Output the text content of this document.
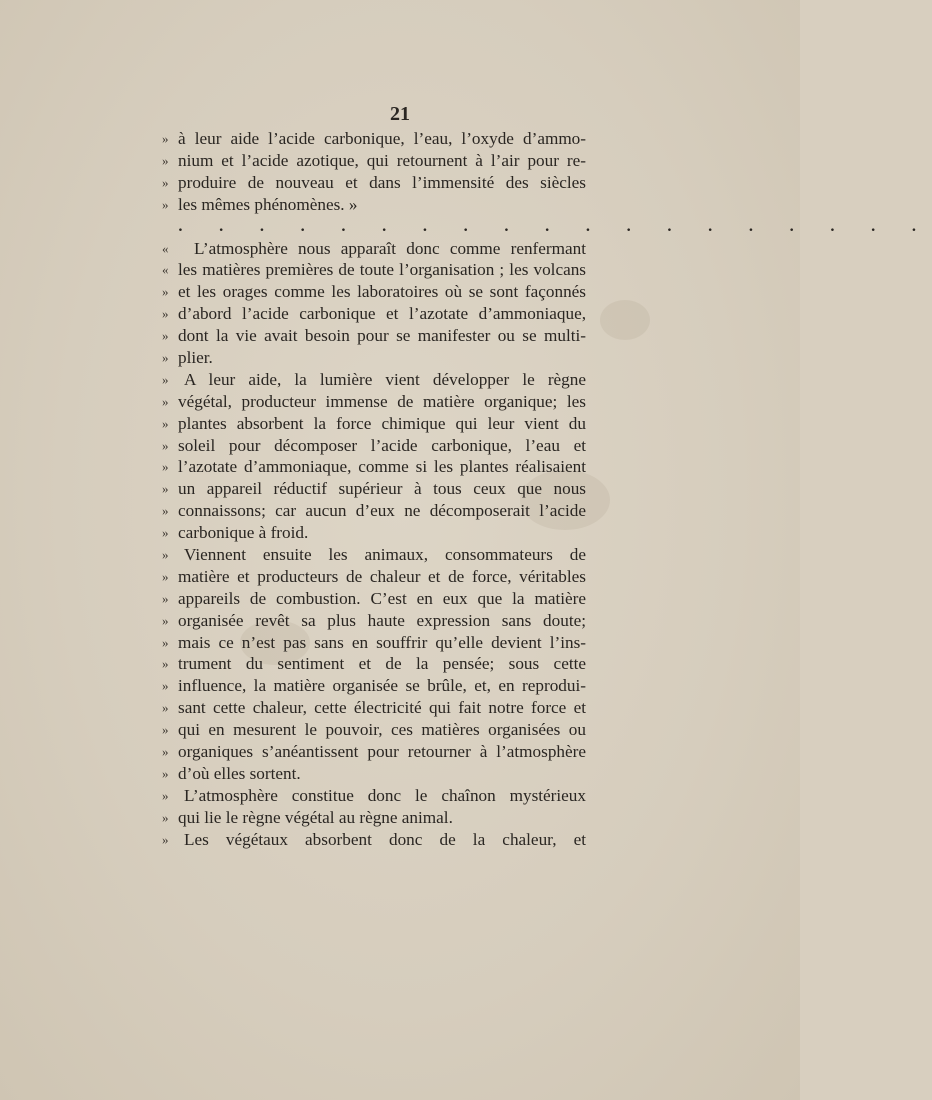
21
» à leur aide l’acide carbonique, l’eau, l’oxyde d’ammo-
» nium et l’acide azotique, qui retournent à l’air pour re-
» produire de nouveau et dans l’immensité des siècles
» les mêmes phénomènes. »
. . . . . . . . . . . . . . . . . . .
«	L’atmosphère nous apparaît donc comme renfermant
« les matières premières de toute l’organisation ; les volcans
» et les orages comme les laboratoires où se sont façonnés
» d’abord l’acide carbonique et l’azotate d’ammoniaque,
» dont la vie avait besoin pour se manifester ou se multi-
» plier.
» A leur aide, la lumière vient développer le règne
» végétal, producteur immense de matière organique; les
» plantes absorbent la force chimique qui leur vient du
» soleil pour décomposer l’acide carbonique, l’eau et
» l’azotate d’ammoniaque, comme si les plantes réalisaient
» un appareil réductif supérieur à tous ceux que nous
» connaissons; car aucun d’eux ne décomposerait l’acide
» carbonique à froid.
» Viennent ensuite les animaux, consommateurs de
» matière et producteurs de chaleur et de force, véritables
» appareils de combustion. C’est en eux que la matière
» organisée revêt sa plus haute expression sans doute;
» mais ce n’est pas sans en souffrir qu’elle devient l’ins-
» trument du sentiment et de la pensée; sous cette
» influence, la matière organisée se brûle, et, en reprodui-
» sant cette chaleur, cette électricité qui fait notre force et
» qui en mesurent le pouvoir, ces matières organisées ou
» organiques s’anéantissent pour retourner à l’atmosphère
» d’où elles sortent.
» L’atmosphère constitue donc le chaînon mystérieux
» qui lie le règne végétal au règne animal.
» Les végétaux absorbent donc de la chaleur, et
